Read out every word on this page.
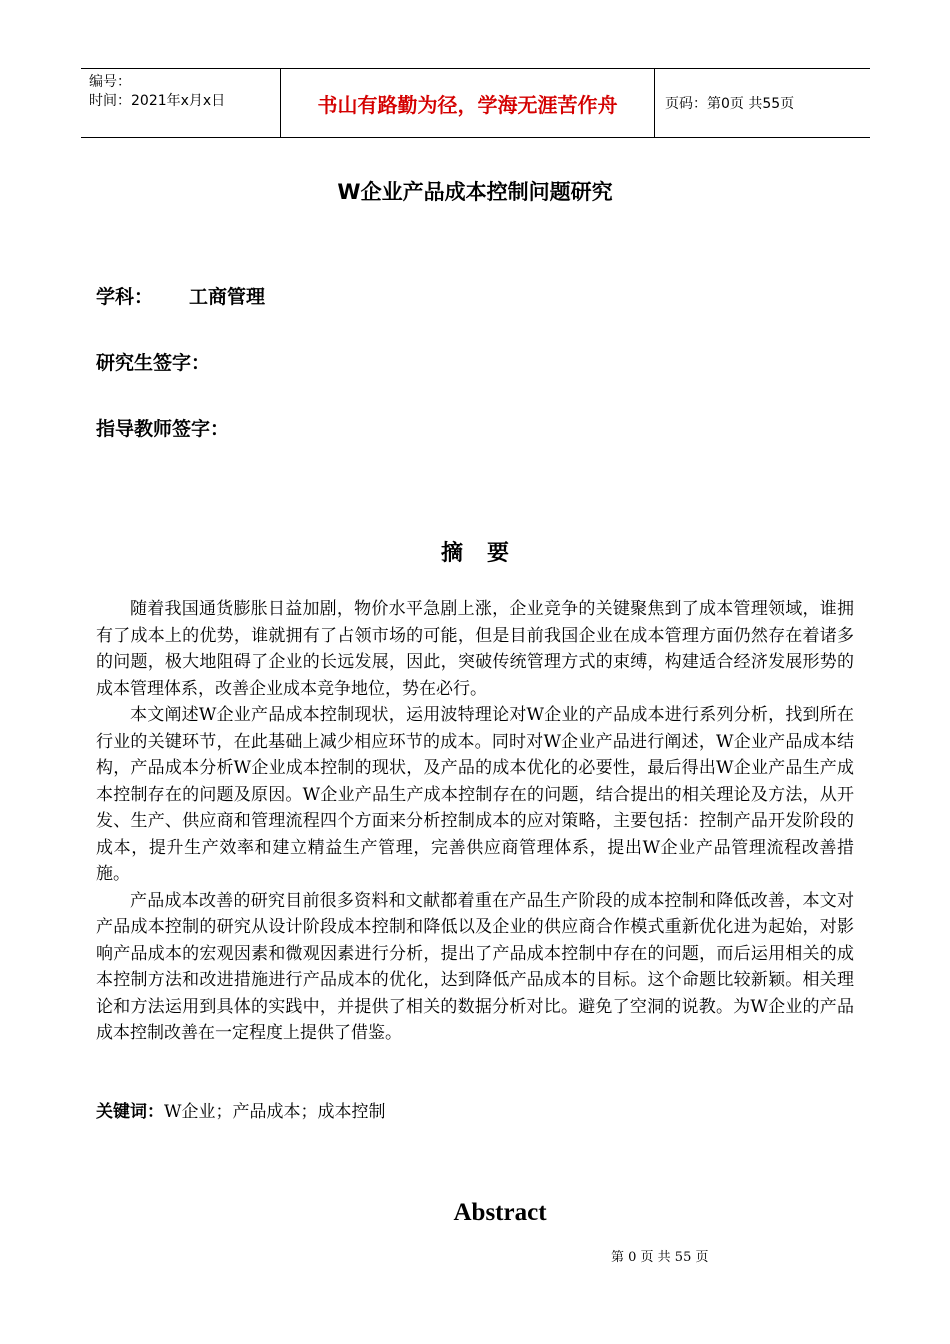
编号：
时间：2021年x月x日	书山有路勤为径，学海无涯苦作舟	页码：第0页 共55页
W企业产品成本控制问题研究
学科： 工商管理
研究生签字：
指导教师签字：
摘要

随着我国通货膨胀日益加剧，物价水平急剧上涨，企业竞争的关键聚焦到了成本管理领域，谁拥有了成本上的优势，谁就拥有了占领市场的可能，但是目前我国企业在成本管理方面仍然存在着诸多的问题，极大地阻碍了企业的长远发展，因此，突破传统管理方式的束缚，构建适合经济发展形势的成本管理体系，改善企业成本竞争地位，势在必行。

本文阐述W企业产品成本控制现状，运用波特理论对W企业的产品成本进行系列分析，找到所在行业的关键环节，在此基础上减少相应环节的成本。同时对W企业产品进行阐述，W企业产品成本结构，产品成本分析W企业成本控制的现状，及产品的成本优化的必要性，最后得出W企业产品生产成本控制存在的问题及原因。W企业产品生产成本控制存在的问题，结合提出的相关理论及方法，从开发、生产、供应商和管理流程四个方面来分析控制成本的应对策略，主要包括：控制产品开发阶段的成本，提升生产效率和建立精益生产管理，完善供应商管理体系，提出W企业产品管理流程改善措施。

产品成本改善的研究目前很多资料和文献都着重在产品生产阶段的成本控制和降低改善，本文对产品成本控制的研究从设计阶段成本控制和降低以及企业的供应商合作模式重新优化进为起始，对影响产品成本的宏观因素和微观因素进行分析，提出了产品成本控制中存在的问题，而后运用相关的成本控制方法和改进措施进行产品成本的优化，达到降低产品成本的目标。这个命题比较新颖。相关理论和方法运用到具体的实践中，并提供了相关的数据分析对比。避免了空洞的说教。为W企业的产品成本控制改善在一定程度上提供了借鉴。

关键词：W企业；产品成本；成本控制
Abstract
第 0 页 共 55 页
